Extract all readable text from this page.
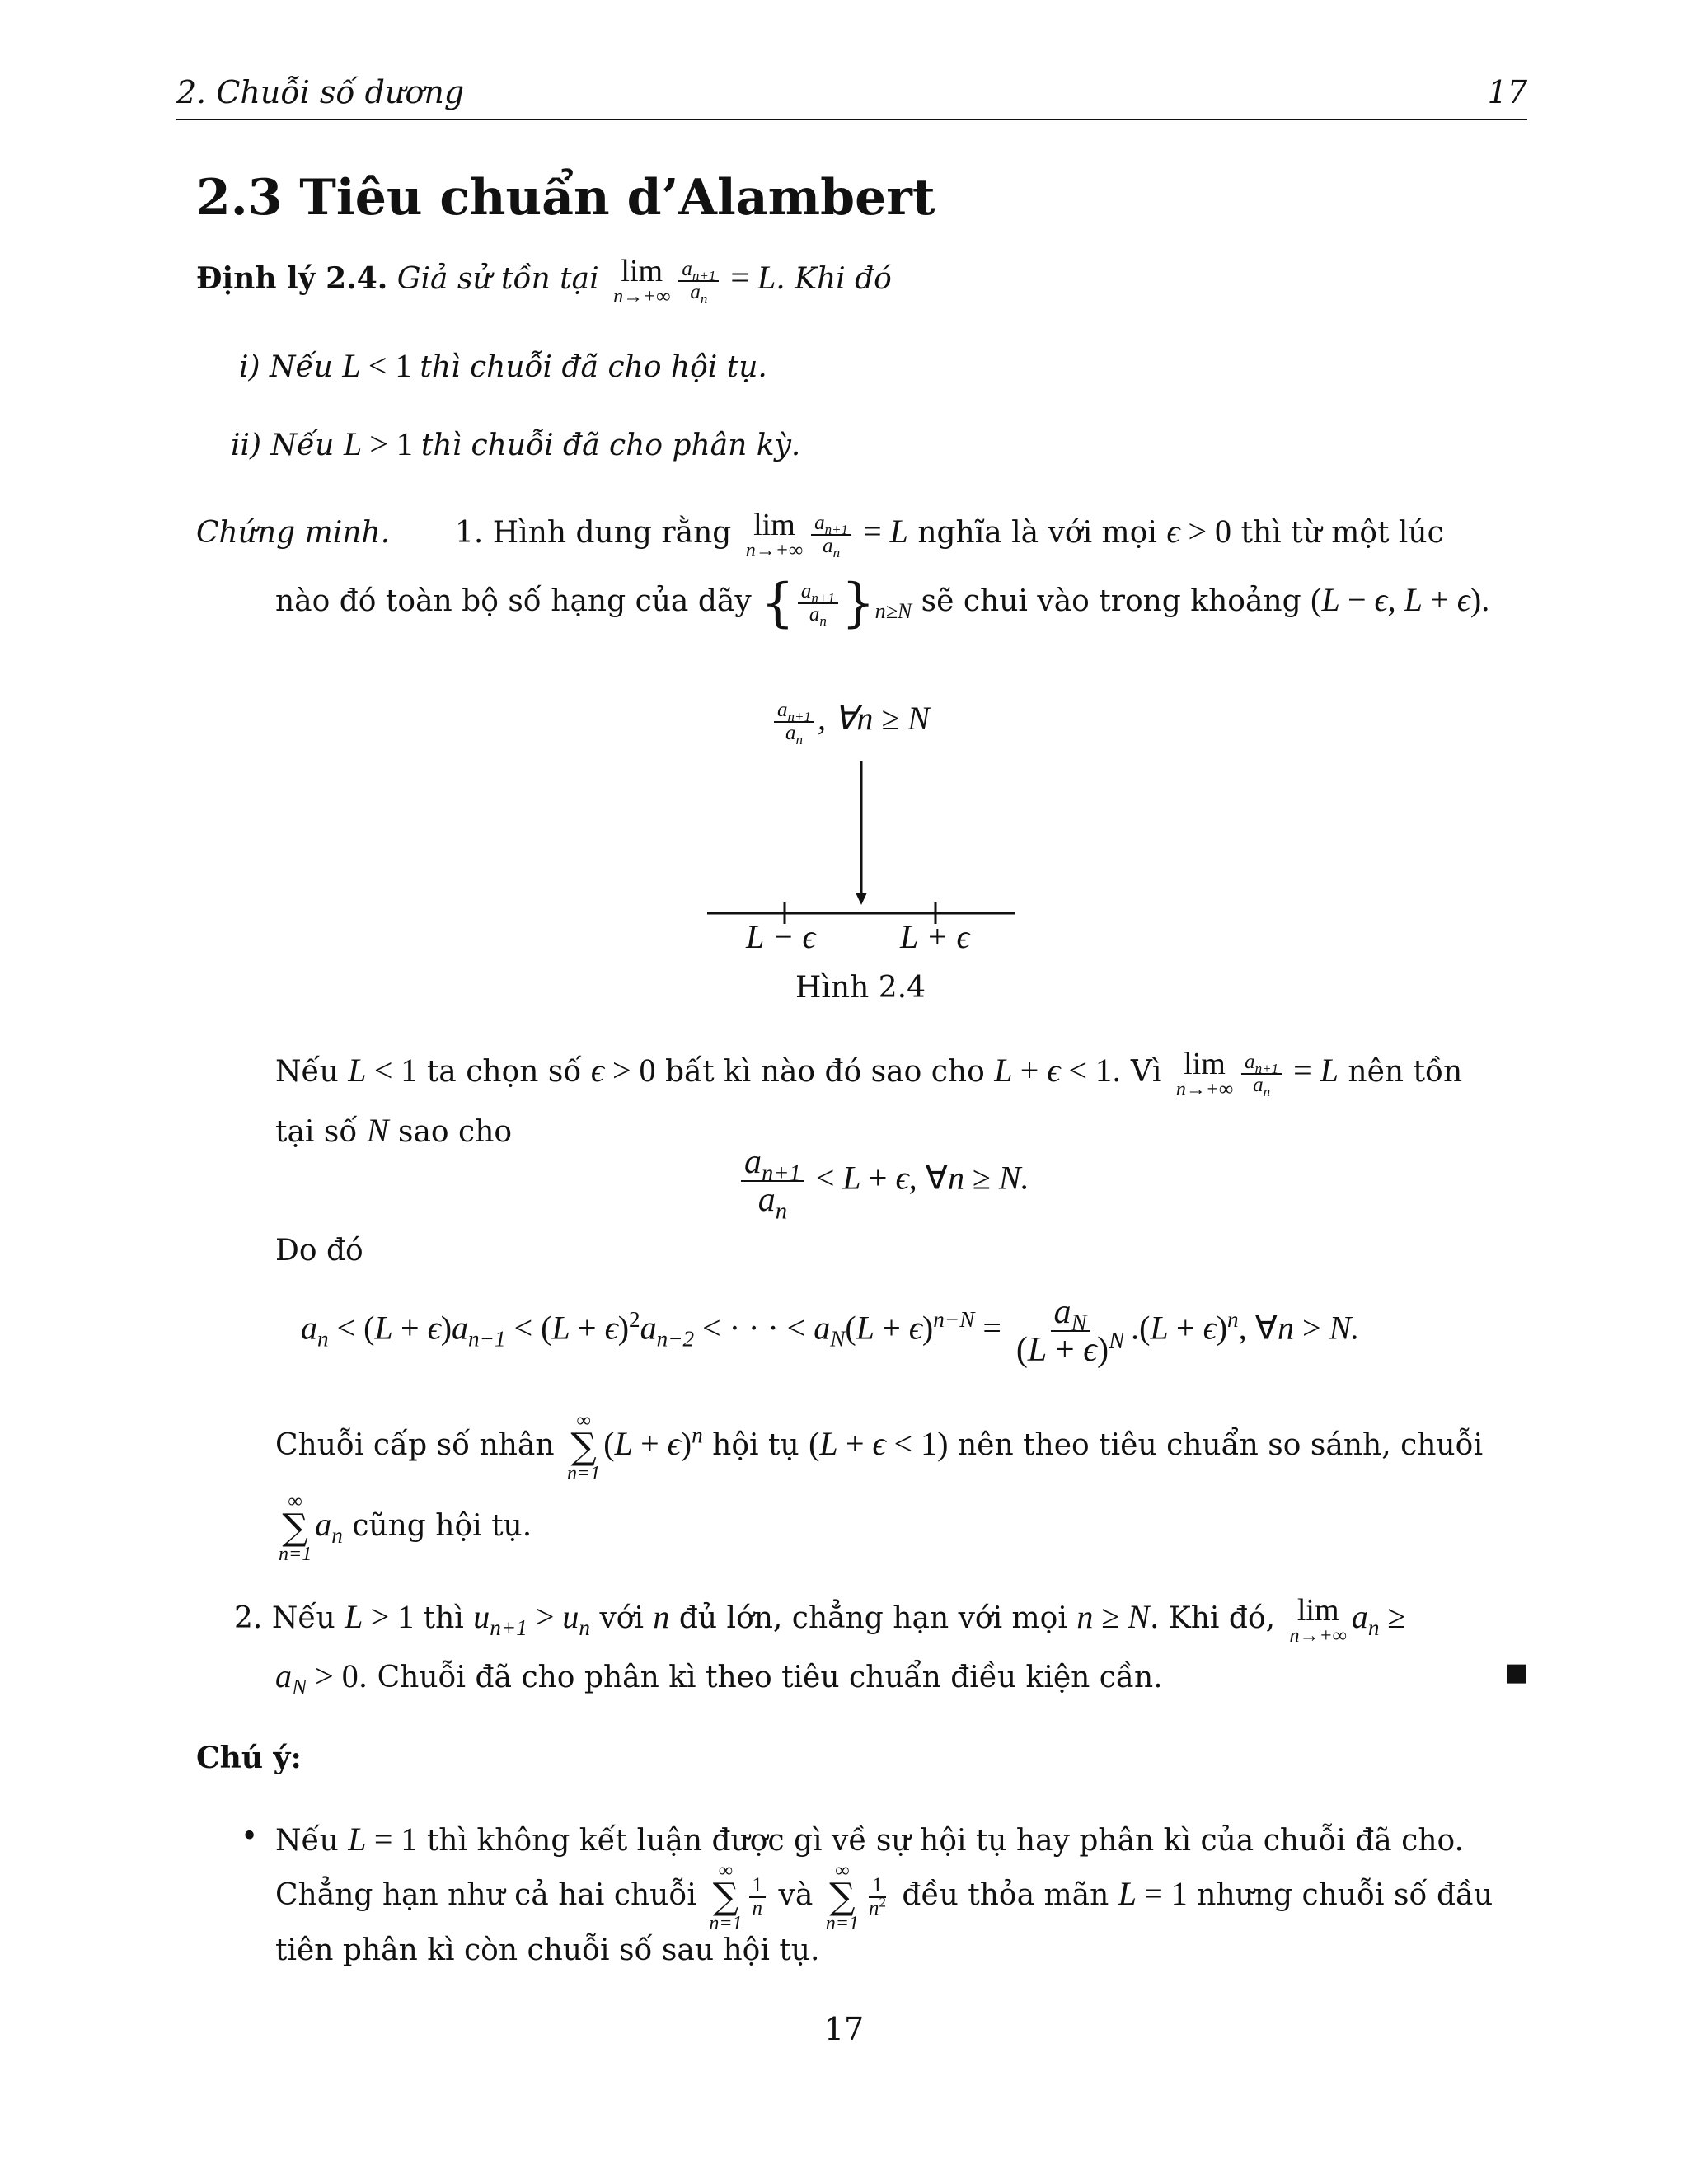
2. Chuỗi số dương	17
2.3 Tiêu chuẩn d’Alambert
Định lý 2.4. Giả sử tồn tại lim
$n\to+\infty \frac{a_{n+1}}{a_n} = L$. Khi đó
i) Nếu L < 1 thì chuỗi đã cho hội tụ.
ii) Nếu L > 1 thì chuỗi đã cho phân kỳ.
Chứng minh. 1. Hình dung rằng lim
$n\to+\infty \frac{a_{n+1}}{a_n} = L$ nghĩa là với mọi ϵ > 0 thì từ một lúc
nào đó toàn bộ số hạng của dãy { $\frac{a_{n+1}}{a_n} \}_{n\ge N}$ sẽ chui vào trong khoảng (L − ϵ, L + ϵ).
$\frac{a_{n+1}}{a_n}$ , ∀n ≥ N
L − ϵ	L + ϵ
Hình 2.4
Nếu L < 1 ta chọn số ϵ > 0 bất kì nào đó sao cho L + ϵ < 1. Vì lim
$n\to+\infty \frac{a_{n+1}}{a_n} = L$ nên tồn
tại số N sao cho
$\frac{a_{n+1}}{a_n} < L + \epsilon$, ∀n ≥ N.
Do đó
$a_n < (L + \epsilon)a_{n-1} < (L + \epsilon)^2a_{n-2}$ < · · · < $a_N(L + \epsilon)^{n-N} = \frac{a_N}{(L + \epsilon)^N} .(L + \epsilon)^n$, ∀n > N.
Chuỗi cấp số nhân
∞
∑
n=1
$(L + \epsilon)^n$ hội tụ (L + ϵ < 1) nên theo tiêu chuẩn so sánh, chuỗi
∞
∑
n=1
$a_n$ cũng hội tụ.
2. Nếu L > 1 thì $u_{n+1} > u_n$ với n đủ lớn, chẳng hạn với mọi n ≥ N. Khi đó, lim
n→+∞
$a_n$ ≥
$a_N > 0$. Chuỗi đã cho phân kì theo tiêu chuẩn điều kiện cần.	■
Chú ý:
• Nếu L = 1 thì không kết luận được gì về sự hội tụ hay phân kì của chuỗi đã cho.
Chẳng hạn như cả hai chuỗi
∞
∑
n=1
$\frac{1}{n}$ và
∞
∑
n=1
$\frac{1}{n^2}$ đều thỏa mãn L = 1 nhưng chuỗi số đầu
tiên phân kì còn chuỗi số sau hội tụ.
17
